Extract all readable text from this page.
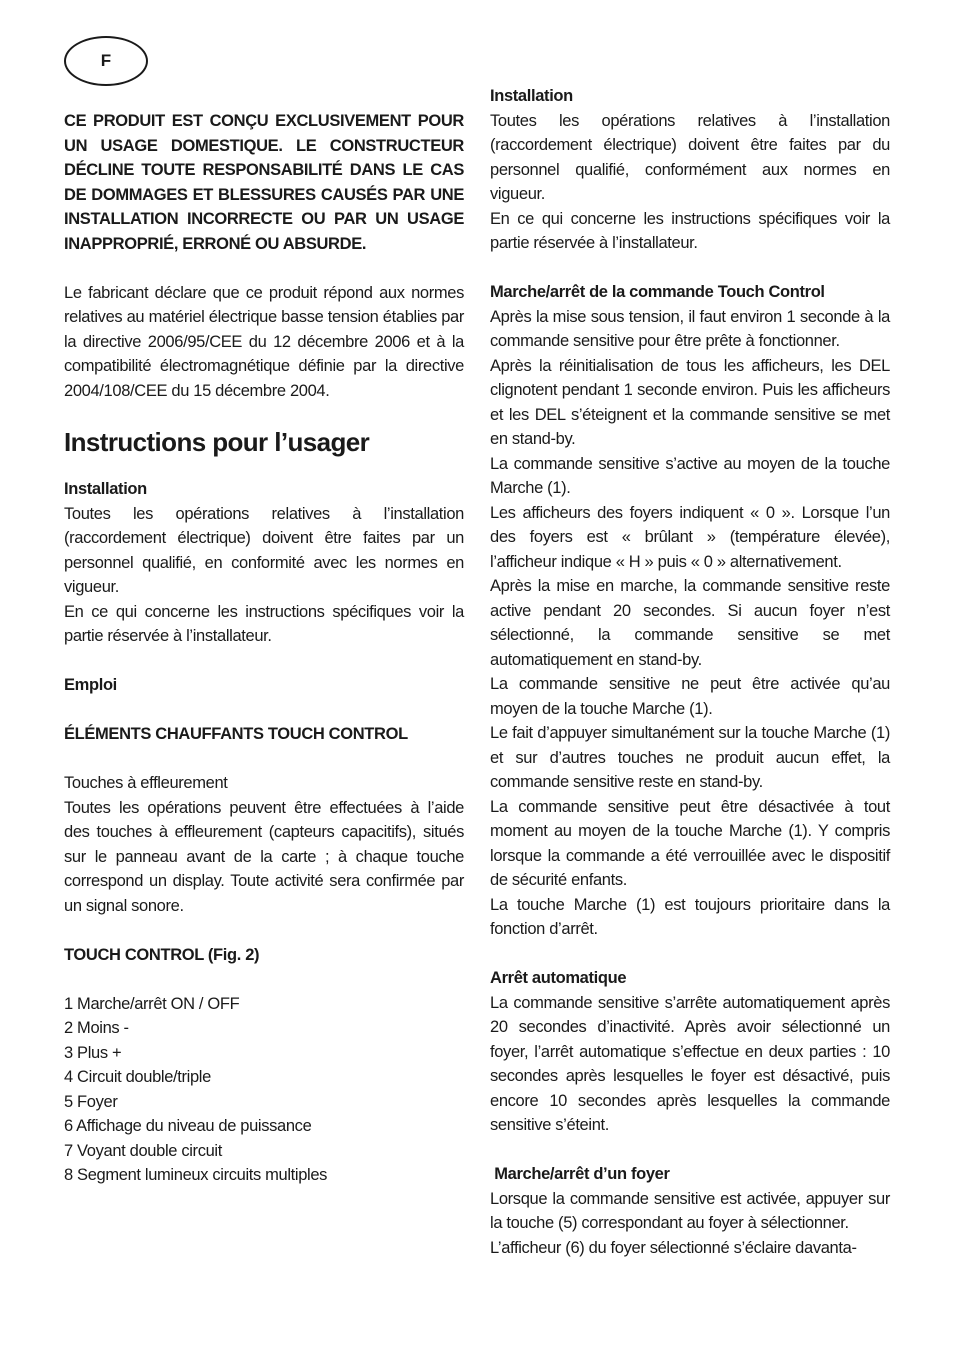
F

CE PRODUIT EST CONÇU EXCLUSIVEMENT POUR UN USAGE DOMESTIQUE. LE CONSTRUCTEUR DÉCLINE TOUTE RESPONSABILITÉ DANS LE CAS DE DOMMAGES ET BLESSURES CAUSÉS PAR UNE INSTALLATION INCORRECTE OU PAR UN USAGE INAPPROPRIÉ, ERRONÉ OU ABSURDE.

Le fabricant déclare que ce produit répond aux normes relatives au matériel électrique basse tension établies par la directive 2006/95/CEE du 12 décembre 2006 et à la compatibilité électromagnétique définie par la directive 2004/108/CEE du 15 décembre 2004.

Instructions pour l’usager

Installation

Toutes les opérations relatives à l’installation (raccordement électrique) doivent être faites par un personnel qualifié, en conformité avec les normes en vigueur.

En ce qui concerne les instructions spécifiques voir la partie réservée à l’installateur.

Emploi

ÉLÉMENTS CHAUFFANTS TOUCH CONTROL

Touches à effleurement

Toutes les opérations peuvent être effectuées à l’aide des touches à effleurement (capteurs capacitifs), situés sur le panneau avant de la carte ; à chaque touche correspond un display. Toute activité sera confirmée par un signal sonore.

TOUCH CONTROL (Fig. 2)

1 Marche/arrêt ON / OFF
2 Moins -
3 Plus +
4 Circuit double/triple
5 Foyer
6 Affichage du niveau de puissance
7 Voyant double circuit
8 Segment lumineux circuits multiples

Installation

Toutes les opérations relatives à l’installation (raccordement électrique) doivent être faites par du personnel qualifié, conformément aux normes en vigueur.

En ce qui concerne les instructions spécifiques voir la partie réservée à l’installateur.

Marche/arrêt de la commande Touch Control

Après la mise sous tension, il faut environ 1 seconde à la commande sensitive pour être prête à fonctionner.

Après la réinitialisation de tous les afficheurs, les DEL clignotent pendant 1 seconde environ. Puis les afficheurs et les DEL s’éteignent et la commande sensitive se met en stand-by.

La commande sensitive s’active au moyen de la touche Marche (1).

Les afficheurs des foyers indiquent « 0 ». Lorsque l’un des foyers est « brûlant » (température élevée), l’afficheur indique « H » puis « 0 » alternativement.

Après la mise en marche, la commande sensitive reste active pendant 20 secondes. Si aucun foyer n’est sélectionné, la commande sensitive se met automatiquement en stand-by.

La commande sensitive ne peut être activée qu’au moyen de la touche Marche (1).

Le fait d’appuyer simultanément sur la touche Marche (1) et sur d’autres touches ne produit aucun effet, la commande sensitive reste en stand-by.

La commande sensitive peut être désactivée à tout moment au moyen de la touche Marche (1). Y compris lorsque la commande a été verrouillée avec le dispositif de sécurité enfants.

La touche Marche (1) est toujours prioritaire dans la fonction d’arrêt.

Arrêt automatique

La commande sensitive s’arrête automatiquement après 20 secondes d’inactivité. Après avoir sélectionné un foyer, l’arrêt automatique s’effectue en deux parties : 10 secondes après lesquelles le foyer est désactivé, puis encore 10 secondes après lesquelles la commande sensitive s’éteint.

Marche/arrêt d’un foyer

Lorsque la commande sensitive est activée, appuyer sur la touche (5) correspondant au foyer à sélectionner.

L’afficheur (6) du foyer sélectionné s’éclaire davanta-
